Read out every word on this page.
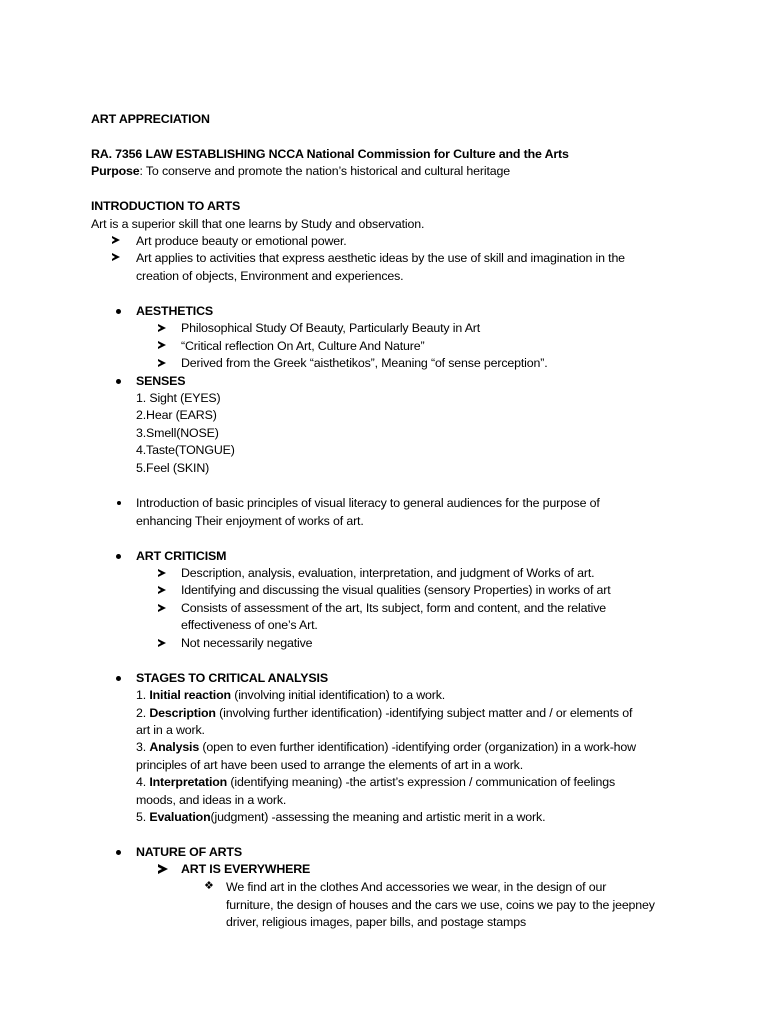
ART APPRECIATION
RA. 7356 LAW ESTABLISHING NCCA National Commission for Culture and the Arts
Purpose: To conserve and promote the nation’s historical and cultural heritage
INTRODUCTION TO ARTS
Art is a superior skill that one learns by Study and observation.
Art produce beauty or emotional power.
Art applies to activities that express aesthetic ideas by the use of skill and imagination in the
creation of objects, Environment and experiences.
AESTHETICS
Philosophical Study Of Beauty, Particularly Beauty in Art
“Critical reflection On Art, Culture And Nature”
Derived from the Greek “aisthetikos”, Meaning “of sense perception”.
SENSES
1. Sight (EYES)
2.Hear (EARS)
3.Smell(NOSE)
4.Taste(TONGUE)
5.Feel (SKIN)
Introduction of basic principles of visual literacy to general audiences for the purpose of
enhancing Their enjoyment of works of art.
ART CRITICISM
Description, analysis, evaluation, interpretation, and judgment of Works of art.
Identifying and discussing the visual qualities (sensory Properties) in works of art
Consists of assessment of the art, Its subject, form and content, and the relative
effectiveness of one’s Art.
Not necessarily negative
STAGES TO CRITICAL ANALYSIS
1. Initial reaction (involving initial identification) to a work.
2. Description (involving further identification) -identifying subject matter and / or elements of
art in a work.
3. Analysis (open to even further identification) -identifying order (organization) in a work-how
principles of art have been used to arrange the elements of art in a work.
4. Interpretation (identifying meaning) -the artist’s expression / communication of feelings
moods, and ideas in a work.
5. Evaluation(judgment) -assessing the meaning and artistic merit in a work.
NATURE OF ARTS
ART IS EVERYWHERE
❖ We find art in the clothes And accessories we wear, in the design of our
furniture, the design of houses and the cars we use, coins we pay to the jeepney
driver, religious images, paper bills, and postage stamps
